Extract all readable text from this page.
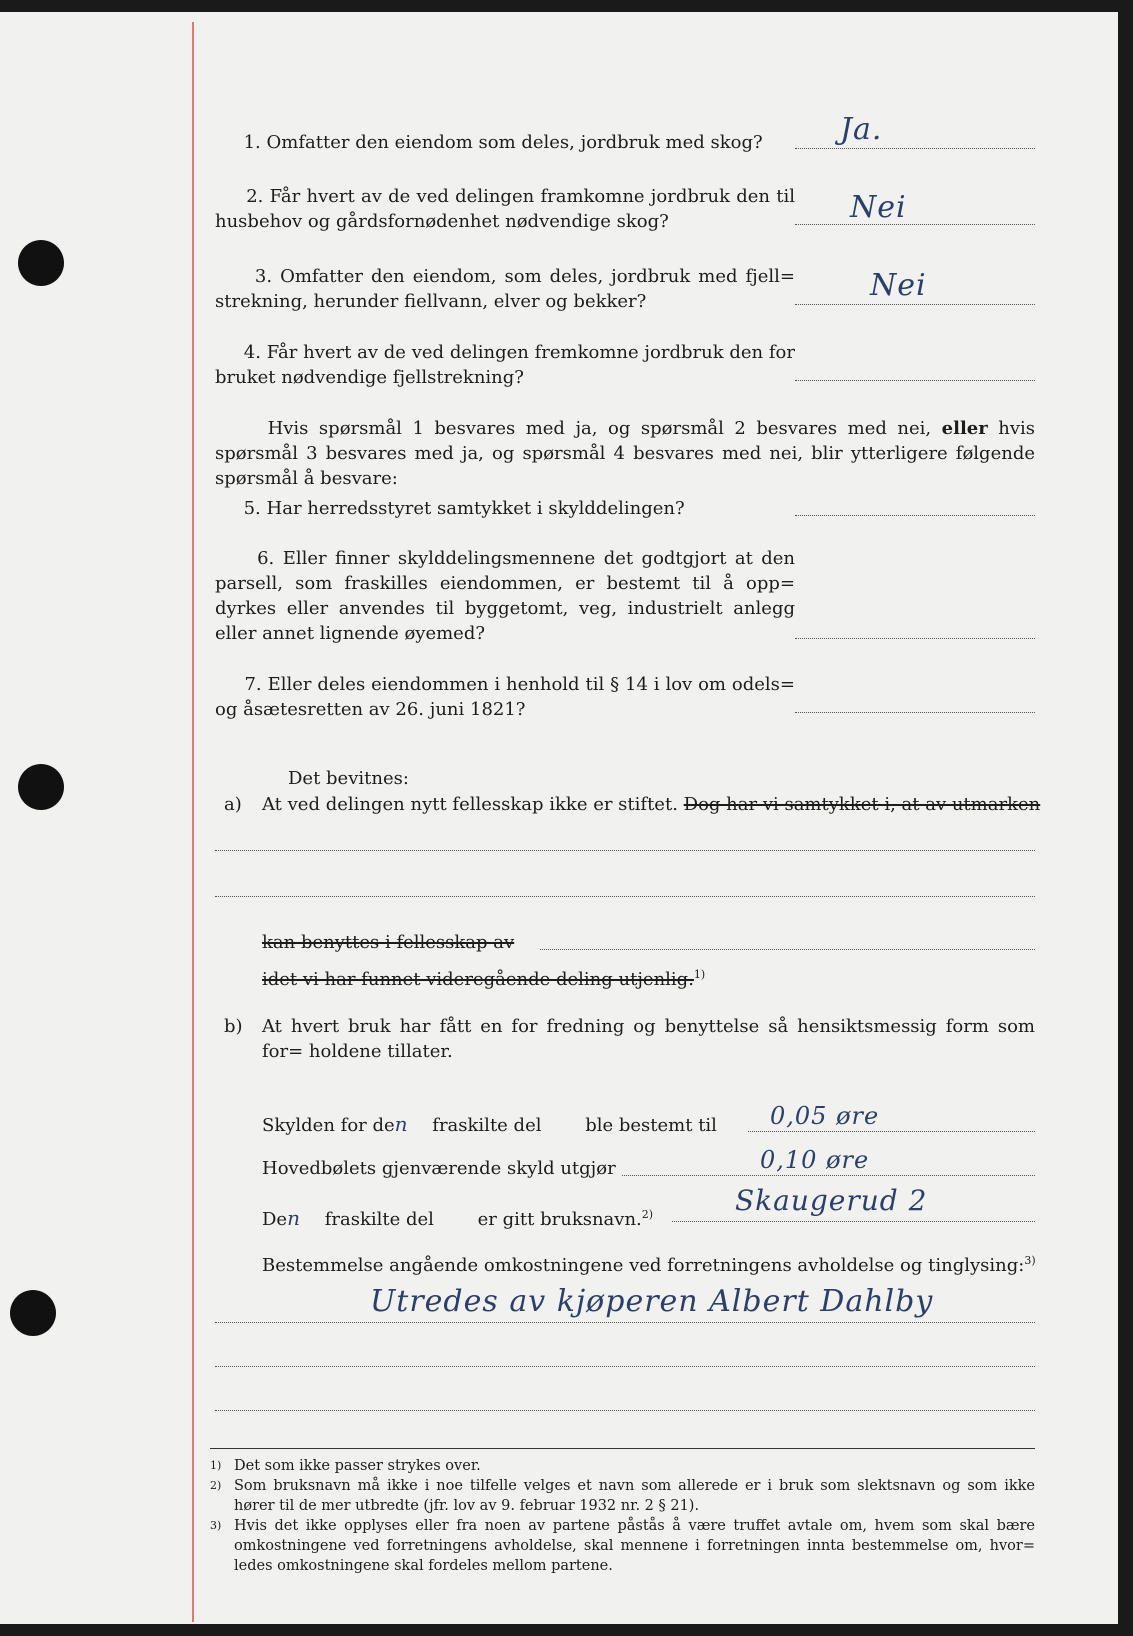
1. Omfatter den eiendom som deles, jordbruk med skog?	Ja.
2. Får hvert av de ved delingen framkomne jordbruk den til husbehov og gårdsfornødenhet nødvendige skog?	Nei
3. Omfatter den eiendom, som deles, jordbruk med fjell= strekning, herunder fiellvann, elver og bekker?	Nei
4. Får hvert av de ved delingen fremkomne jordbruk den for bruket nødvendige fjellstrekning?
Hvis spørsmål 1 besvares med ja, og spørsmål 2 besvares med nei, eller hvis spørsmål 3 besvares med ja, og spørsmål 4 besvares med nei, blir ytterligere følgende spørsmål å besvare:
5. Har herredsstyret samtykket i skylddelingen?
6. Eller finner skylddelingsmennene det godtgjort at den parsell, som fraskilles eiendommen, er bestemt til å opp= dyrkes eller anvendes til byggetomt, veg, industrielt anlegg eller annet lignende øyemed?
7. Eller deles eiendommen i henhold til § 14 i lov om odels= og åsætesretten av 26. juni 1821?
Det bevitnes:
a) At ved delingen nytt fellesskap ikke er stiftet. Dog har vi samtykket i, at av utmarken
kan benyttes i fellesskap av
idet vi har funnet videregående deling utjenlig.$^{1)}$
b) At hvert bruk har fått en for fredning og benyttelse så hensiktsmessig form som for= holdene tillater.
Skylden for den fraskilte del ble bestemt til 0,05 øre
Hovedbølets gjenværende skyld utgjør	0,10 øre
Den fraskilte del er gitt bruksnavn.$^{2)}$	Skaugerud 2
Bestemmelse angående omkostningene ved forretningens avholdelse og tinglysing:$^{3)}$
Utredes av kjøperen Albert Dahlby
1) Det som ikke passer strykes over.
2) Som bruksnavn må ikke i noe tilfelle velges et navn som allerede er i bruk som slektsnavn og som ikke hører til de mer utbredte (jfr. lov av 9. februar 1932 nr. 2 § 21).
3) Hvis det ikke opplyses eller fra noen av partene påstås å være truffet avtale om, hvem som skal bære omkostningene ved forretningens avholdelse, skal mennene i forretningen innta bestemmelse om, hvor= ledes omkostningene skal fordeles mellom partene.
